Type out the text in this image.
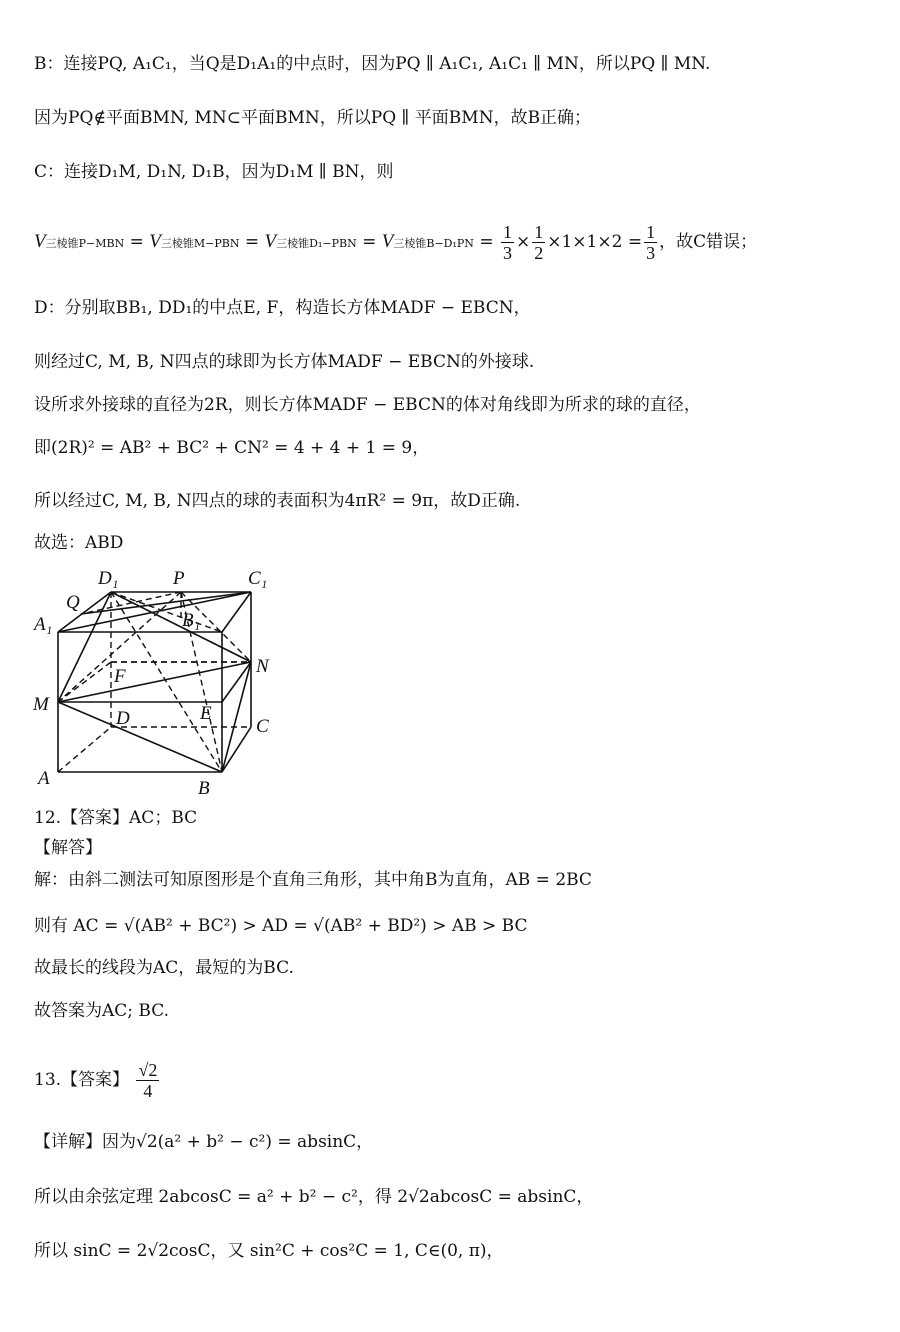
B：连接PQ, A₁C₁，当Q是D₁A₁的中点时，因为PQ ∥ A₁C₁, A₁C₁ ∥ MN，所以PQ ∥ MN.
因为PQ∉平面BMN, MN⊂平面BMN，所以PQ ∥ 平面BMN，故B正确；
C：连接D₁M, D₁N, D₁B，因为D₁M ∥ BN，则
V三棱锥P−MBN = V三棱锥M−PBN = V三棱锥D₁−PBN = V三棱锥$B-D_1PN = \frac{1}{3} \times \frac{1}{2} \times 1\times 1\times 2 = \frac{1}{3}$ ，故C错误；
D：分别取BB₁, DD₁的中点E, F，构造长方体MADF − EBCN，
则经过C, M, B, N四点的球即为长方体MADF − EBCN的外接球.
设所求外接球的直径为2R，则长方体MADF − EBCN的体对角线即为所求的球的直径，
即(2R)² = AB² + BC² + CN² = 4 + 4 + 1 = 9，
所以经过C, M, B, N四点的球的表面积为4πR² = 9π，故D正确.
故选：ABD
D₁	P	C₁
Q
A₁	B₁
N
F
M
D	E
C
A	B
12.【答案】AC；BC
【解答】
解：由斜二测法可知原图形是个直角三角形，其中角B为直角，AB = 2BC
则有 AC = √(AB² + BC²) > AD = √(AB² + BD²) > AB > BC
故最长的线段为AC，最短的为BC.
故答案为AC; BC.
13.【答案】 $\frac{√2}{4}$
【详解】因为√2(a² + b² − c²) = absinC，
所以由余弦定理 2abcosC = a² + b² − c²，得 2√2abcosC = absinC，
所以 sinC = 2√2cosC，又 sin²C + cos²C = 1, C∈(0, π)，
